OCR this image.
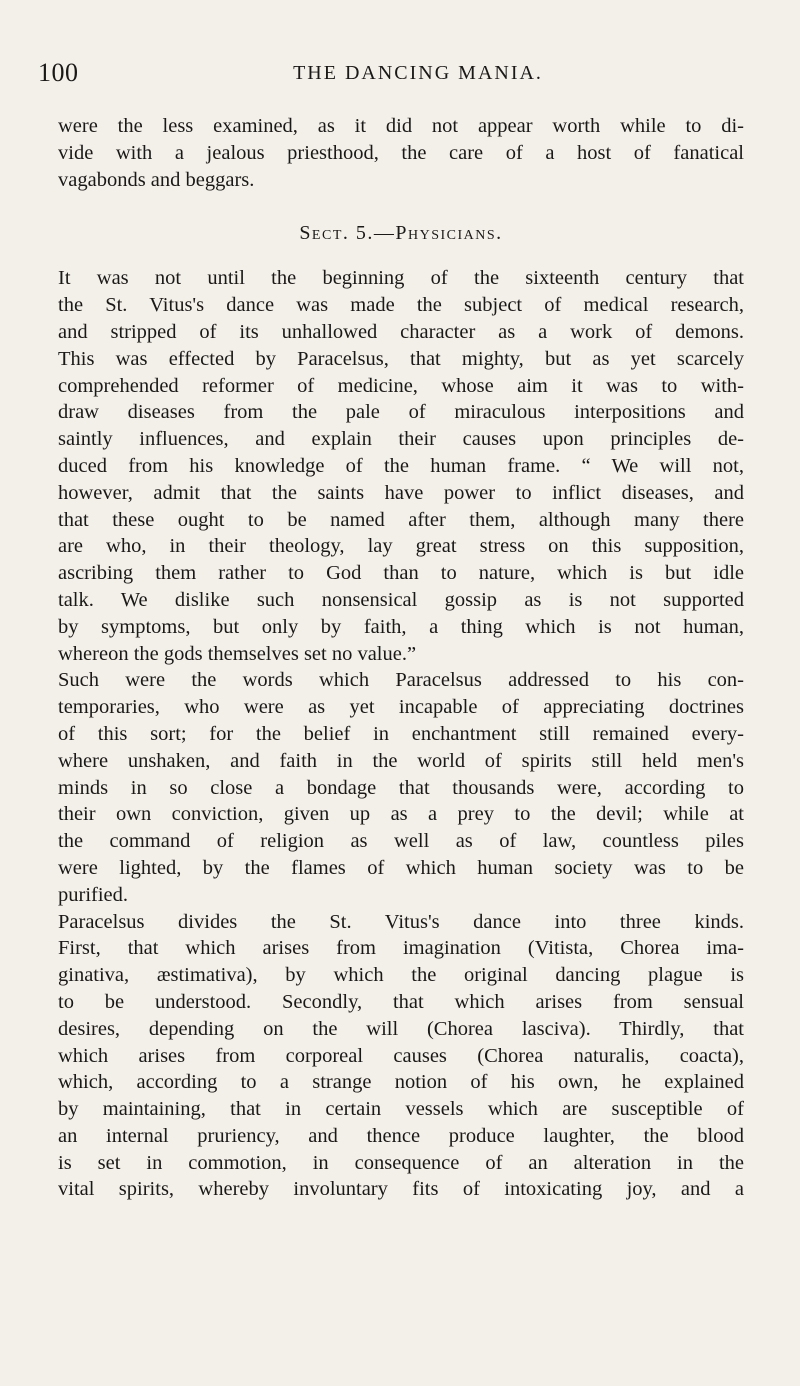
100	THE DANCING MANIA.
were the less examined, as it did not appear worth while to di-
vide with a jealous priesthood, the care of a host of fanatical
vagabonds and beggars.
Sect. 5.—Physicians.
It was not until the beginning of the sixteenth century that
the St. Vitus's dance was made the subject of medical research,
and stripped of its unhallowed character as a work of demons.
This was effected by Paracelsus, that mighty, but as yet scarcely
comprehended reformer of medicine, whose aim it was to with-
draw diseases from the pale of miraculous interpositions and
saintly influences, and explain their causes upon principles de-
duced from his knowledge of the human frame. “ We will not,
however, admit that the saints have power to inflict diseases, and
that these ought to be named after them, although many there
are who, in their theology, lay great stress on this supposition,
ascribing them rather to God than to nature, which is but idle
talk. We dislike such nonsensical gossip as is not supported
by symptoms, but only by faith, a thing which is not human,
whereon the gods themselves set no value.”
Such were the words which Paracelsus addressed to his con-
temporaries, who were as yet incapable of appreciating doctrines
of this sort; for the belief in enchantment still remained every-
where unshaken, and faith in the world of spirits still held men's
minds in so close a bondage that thousands were, according to
their own conviction, given up as a prey to the devil; while at
the command of religion as well as of law, countless piles
were lighted, by the flames of which human society was to be
purified.
Paracelsus divides the St. Vitus's dance into three kinds.
First, that which arises from imagination (Vitista, Chorea ima-
ginativa, æstimativa), by which the original dancing plague is
to be understood. Secondly, that which arises from sensual
desires, depending on the will (Chorea lasciva). Thirdly, that
which arises from corporeal causes (Chorea naturalis, coacta),
which, according to a strange notion of his own, he explained
by maintaining, that in certain vessels which are susceptible of
an internal pruriency, and thence produce laughter, the blood
is set in commotion, in consequence of an alteration in the
vital spirits, whereby involuntary fits of intoxicating joy, and a
